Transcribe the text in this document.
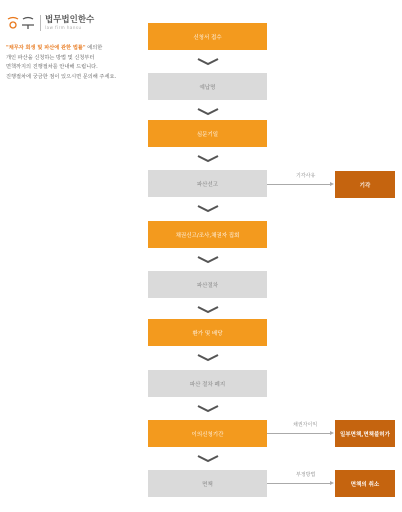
법무법인한수
law firm hansu
"채무자 회생 및 파산에 관한 법률" 에의한
개인 파산을 신청하는 방법 및 신청부터
면책까지의 진행절차를 안내해 드립니다.
진행절차에 궁금한 점이 있으시면 문의해 주세요.
신청서 접수
예납명
심문기일
파산선고
채권신고/조사,채권자 집회
파산절차
환가 및 배당
파산 절차 폐지
이의신청기간
면책
기각사유
기각
채권자이익
일부면책,면책불허가
부정방법
면책의 취소
